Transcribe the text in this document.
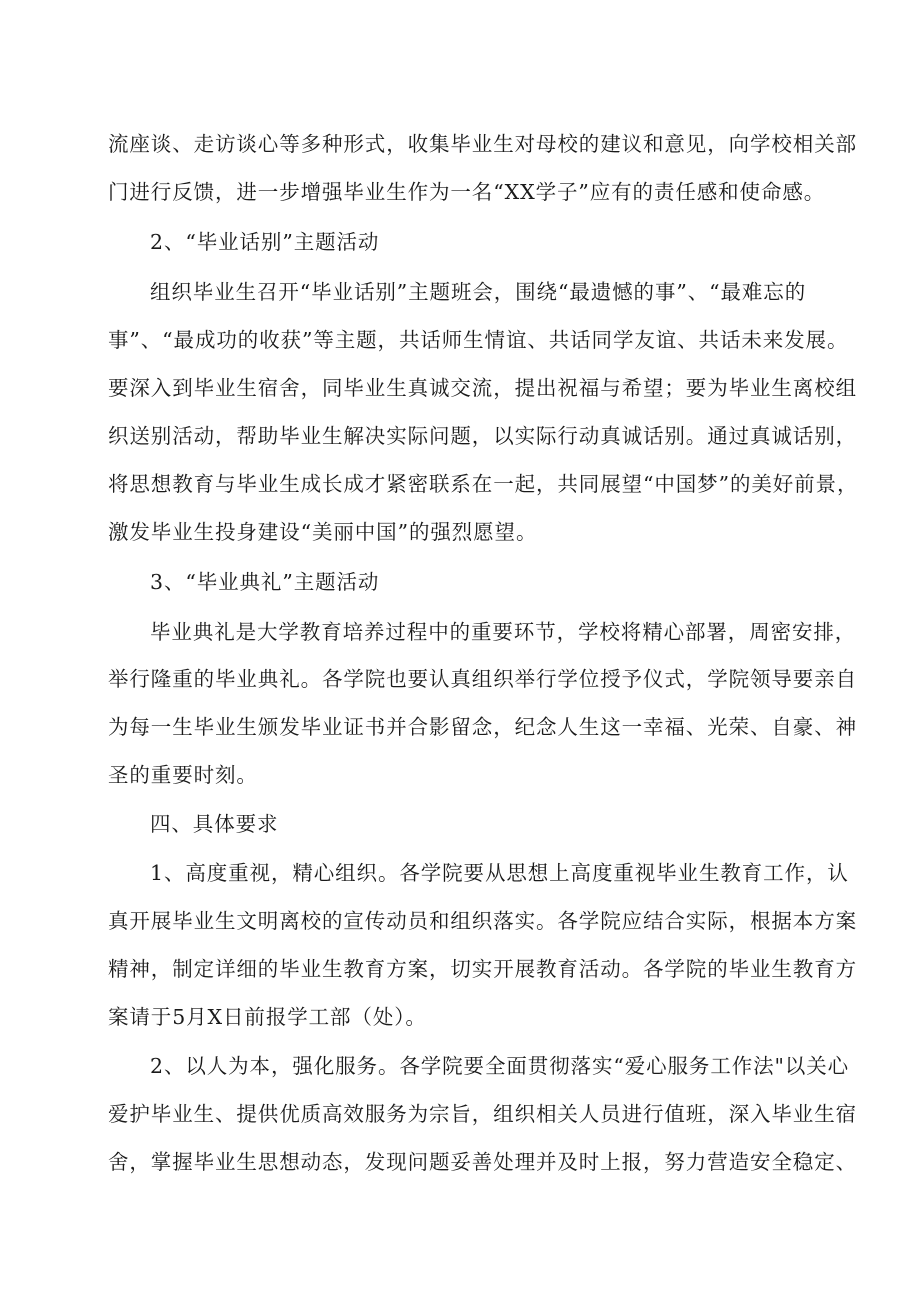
流座谈、走访谈心等多种形式，收集毕业生对母校的建议和意见，向学校相关部
门进行反馈，进一步增强毕业生作为一名“XX学子”应有的责任感和使命感。
2、“毕业话别”主题活动
组织毕业生召开“毕业话别”主题班会，围绕“最遗憾的事”、“最难忘的
事”、“最成功的收获”等主题，共话师生情谊、共话同学友谊、共话未来发展。
要深入到毕业生宿舍，同毕业生真诚交流，提出祝福与希望；要为毕业生离校组
织送别活动，帮助毕业生解决实际问题，以实际行动真诚话别。通过真诚话别，
将思想教育与毕业生成长成才紧密联系在一起，共同展望“中国梦”的美好前景，
激发毕业生投身建设“美丽中国”的强烈愿望。
3、“毕业典礼”主题活动
毕业典礼是大学教育培养过程中的重要环节，学校将精心部署，周密安排，
举行隆重的毕业典礼。各学院也要认真组织举行学位授予仪式，学院领导要亲自
为每一生毕业生颁发毕业证书并合影留念，纪念人生这一幸福、光荣、自豪、神
圣的重要时刻。
四、具体要求
1、高度重视，精心组织。各学院要从思想上高度重视毕业生教育工作，认
真开展毕业生文明离校的宣传动员和组织落实。各学院应结合实际，根据本方案
精神，制定详细的毕业生教育方案，切实开展教育活动。各学院的毕业生教育方
案请于5月X日前报学工部（处）。
2、以人为本，强化服务。各学院要全面贯彻落实“爱心服务工作法"以关心
爱护毕业生、提供优质高效服务为宗旨，组织相关人员进行值班，深入毕业生宿
舍，掌握毕业生思想动态，发现问题妥善处理并及时上报，努力营造安全稳定、
